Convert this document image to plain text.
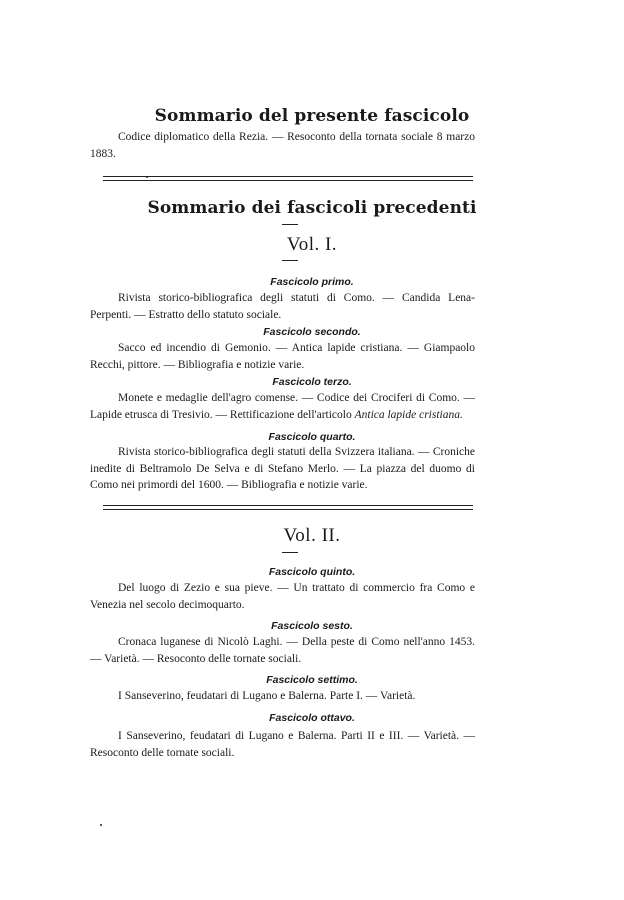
Sommario del presente fascicolo

Codice diplomatico della Rezia. — Resoconto della tornata sociale 8 marzo 1883.

Sommario dei fascicoli precedenti
Vol. I.
Fascicolo primo.

Rivista storico-bibliografica degli statuti di Como. — Candida Lena-Perpenti. — Estratto dello statuto sociale.

Fascicolo secondo.

Sacco ed incendio di Gemonio. — Antica lapide cristiana. — Giampaolo Recchi, pittore. — Bibliografia e notizie varie.

Fascicolo terzo.

Monete e medaglie dell'agro comense. — Codice dei Crociferi di Como. — Lapide etrusca di Tresivio. — Rettificazione dell'articolo Antica lapide cristiana.

Fascicolo quarto.

Rivista storico-bibliografica degli statuti della Svizzera italiana. — Croniche inedite di Beltramolo De Selva e di Stefano Merlo. — La piazza del duomo di Como nei primordi del 1600. — Bibliografia e notizie varie.

Vol. II.
Fascicolo quinto.

Del luogo di Zezio e sua pieve. — Un trattato di commercio fra Como e Venezia nel secolo decimoquarto.

Fascicolo sesto.

Cronaca luganese di Nicolò Laghi. — Della peste di Como nell'anno 1453. — Varietà. — Resoconto delle tornate sociali.

Fascicolo settimo.

I Sanseverino, feudatari di Lugano e Balerna. Parte I. — Varietà.

Fascicolo ottavo.

I Sanseverino, feudatari di Lugano e Balerna. Parti II e III. — Varietà. — Resoconto delle tornate sociali.
